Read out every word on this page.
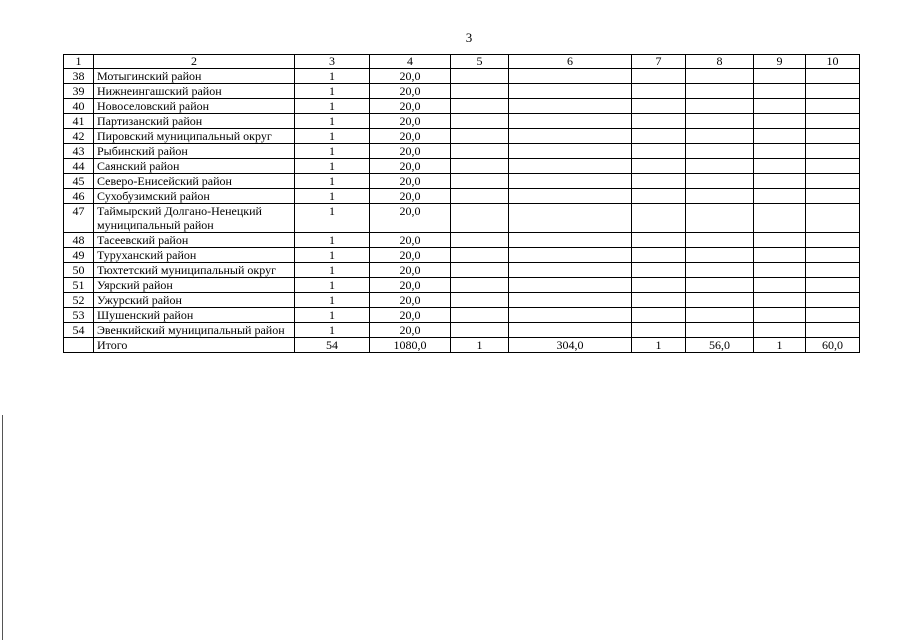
3
1	2	3	4	5	6	7	8	9	10
38	Мотыгинский район	1	20,0						
39	Нижнеингашский район	1	20,0						
40	Новоселовский район	1	20,0						
41	Партизанский район	1	20,0						
42	Пировский муниципальный округ	1	20,0						
43	Рыбинский район	1	20,0						
44	Саянский район	1	20,0						
45	Северо-Енисейский район	1	20,0						
46	Сухобузимский район	1	20,0						
47	Таймырский Долгано-Ненецкий муниципальный район	1	20,0						
48	Тасеевский район	1	20,0						
49	Туруханский район	1	20,0						
50	Тюхтетский муниципальный округ	1	20,0						
51	Уярский район	1	20,0						
52	Ужурский район	1	20,0						
53	Шушенский район	1	20,0						
54	Эвенкийский муниципальный район	1	20,0						
	Итого	54	1080,0	1	304,0	1	56,0	1	60,0
